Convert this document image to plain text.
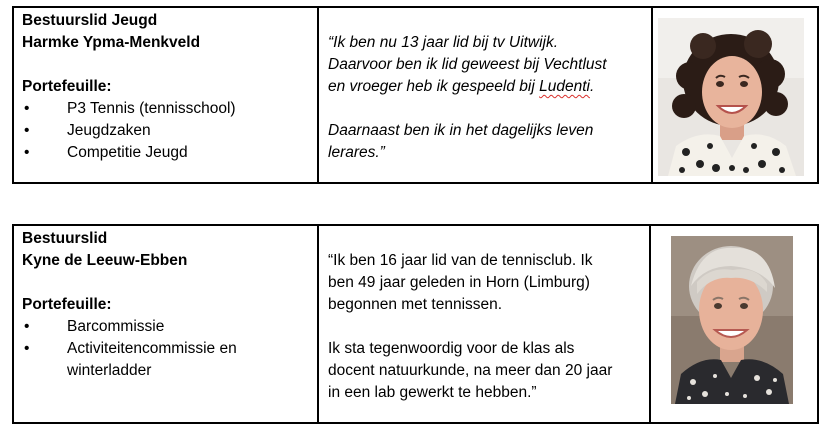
Bestuurslid Jeugd
Harmke Ypma-Menkveld
Portefeuille:
• P3 Tennis (tennisschool)
• Jeugdzaken
• Competitie Jeugd
“Ik ben nu 13 jaar lid bij tv Uitwijk.
Daarvoor ben ik lid geweest bij Vechtlust
en vroeger heb ik gespeeld bij Ludenti.
Daarnaast ben ik in het dagelijks leven
lerares.”
Bestuurslid
Kyne de Leeuw-Ebben
Portefeuille:
• Barcommissie
• Activiteitencommissie en
winterladder
“Ik ben 16 jaar lid van de tennisclub. Ik
ben 49 jaar geleden in Horn (Limburg)
begonnen met tennissen.
Ik sta tegenwoordig voor de klas als
docent natuurkunde, na meer dan 20 jaar
in een lab gewerkt te hebben.”
